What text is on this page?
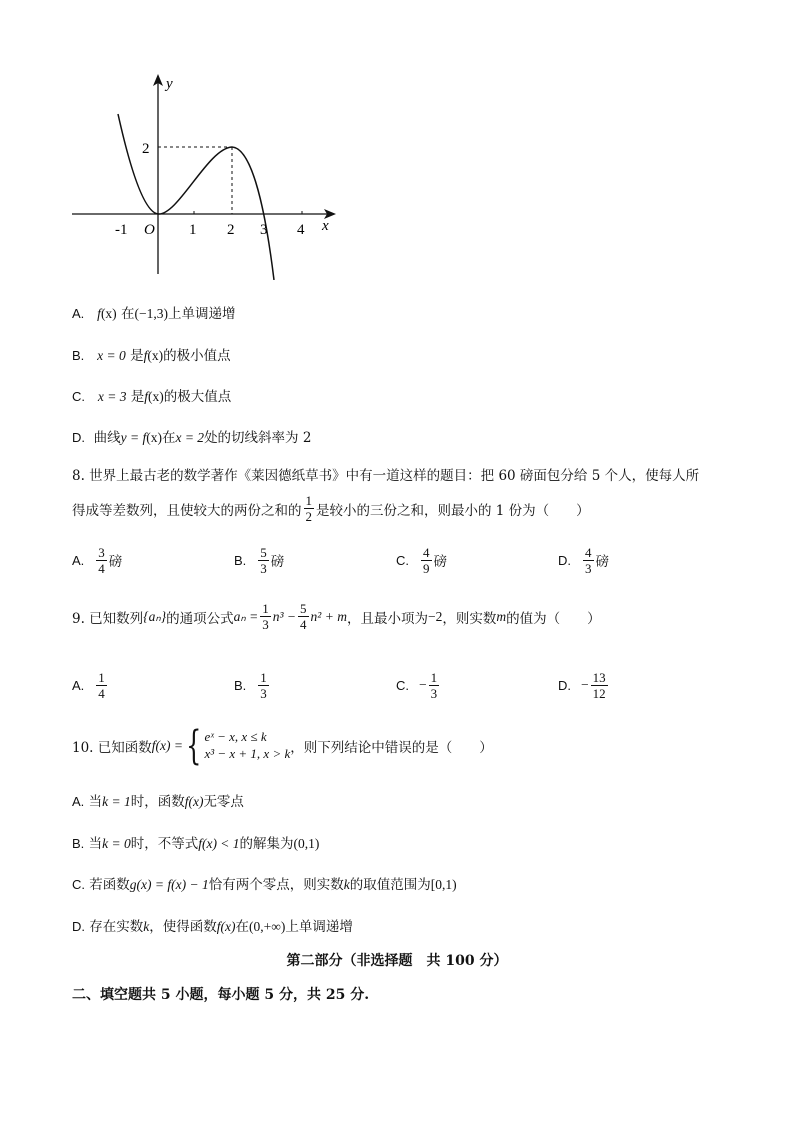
y
x
2
-1 O 1 2 3 4
A. f(x) 在(−1,3)上单调递增
B. x = 0 是f(x)的极小值点
C. x = 3 是f(x)的极大值点
D. 曲线y = f(x)在x = 2处的切线斜率为 2
8. 世界上最古老的数学著作《莱因德纸草书》中有一道这样的题目：把 60 磅面包分给 5 个人，使每人所
得成等差数列，且使较大的两份之和的 $\frac{1}{2}$ 是较小的三份之和，则最小的 1 份为（　　）
A. $\frac{3}{4}$ 磅	B. $\frac{5}{3}$ 磅	C. $\frac{4}{9}$ 磅	D. $\frac{4}{3}$ 磅
9. 已知数列 {aₙ} 的通项公式 $a_n = \frac{1}{3} n^3 - \frac{5}{4} n^2 + m$ ，且最小项为 −2 ，则实数 m 的值为（　　）
A. $\frac{1}{4}$	B. $\frac{1}{3}$	C. − $\frac{1}{3}$	D. − $\frac{13}{12}$
10. 已知函数 f(x) = { eˣ − x, x ≤ k
x³ − x + 1, x > k ，则下列结论中错误的是（　　）
A. 当k = 1时，函数f(x)无零点
B. 当k = 0时，不等式f(x) < 1的解集为(0,1)
C. 若函数g(x) = f(x) − 1恰有两个零点，则实数k的取值范围为[0,1)
D. 存在实数k，使得函数f(x)在(0,+∞)上单调递增
第二部分（非选择题　共 100 分）
二、填空题共 5 小题，每小题 5 分，共 25 分.
